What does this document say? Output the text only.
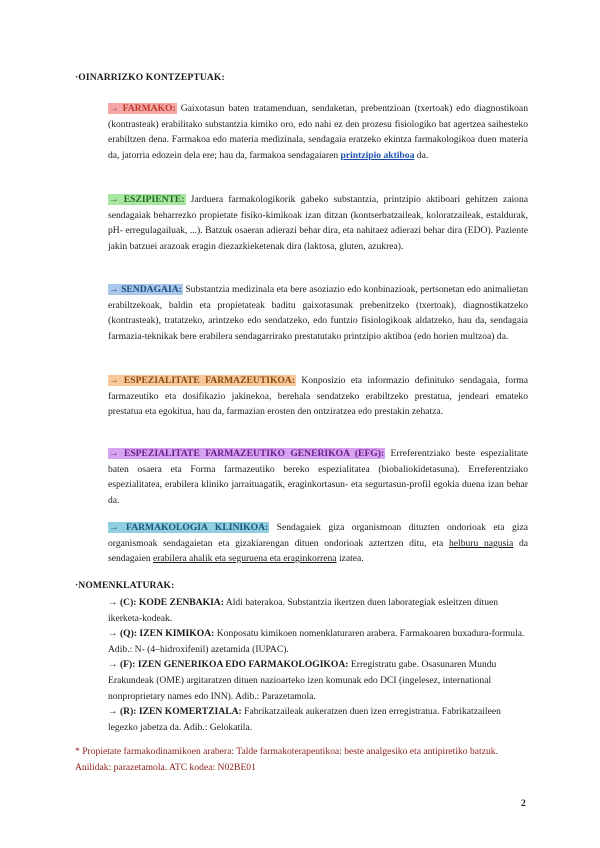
·OINARRIZKO KONTZEPTUAK:
→ FARMAKO: Gaixotasun baten tratamenduan, sendaketan, prebentzioan (txertoak) edo diagnostikoan (kontrasteak) erabilitako substantzia kimiko oro, edo nahi ez den prozesu fisiologiko bat agertzea saihesteko erabiltzen dena. Farmakoa edo materia medizinala, sendagaia eratzeko ekintza farmakologikoa duen materia da, jatorria edozein dela ere; hau da, farmakoa sendagaiaren printzipio aktiboa da.
→ ESZIPIENTE: Jarduera farmakologikorik gabeko substantzia, printzipio aktiboari gehitzen zaiona sendagaiak beharrezko propietate fisiko-kimikoak izan ditzan (kontserbatzaileak, koloratzaileak, estaldurak, pH- erregulagailuak, ...). Batzuk osaeran adierazi behar dira, eta nahitaez adierazi behar dira (EDO). Paziente jakin batzuei arazoak eragin diezazkieketenak dira (laktosa, gluten, azukrea).
→ SENDAGAIA: Substantzia medizinala eta bere asoziazio edo konbinazioak, pertsonetan edo animalietan erabiltzekoak, baldin eta propietateak baditu gaixotasunak prebenitzeko (txertoak), diagnostikatzeko (kontrasteak), tratatzeko, arintzeko edo sendatzeko, edo funtzio fisiologikoak aldatzeko, hau da, sendagaia farmazia-teknikak bere erabilera sendagarrirako prestatutako printzipio aktiboa (edo horien multzoa) da.
→ ESPEZIALITATE FARMAZEUTIKOA: Konposizio eta informazio definituko sendagaia, forma farmazeutiko eta dosifikazio jakinekoa, berehala sendatzeko erabiltzeko prestatua, jendeari emateko prestatua eta egokitua, hau da, farmazian erosten den ontziratzea edo prestakin zehatza.
→ ESPEZIALITATE FARMAZEUTIKO GENERIKOA (EFG): Erreferentziako beste espezialitate baten osaera eta Forma farmazeutiko bereko espezialitatea (biobaliokidetasuna). Erreferentziako espezialitatea, erabilera kliniko jarraituagatik, eraginkortasun- eta segurtasun-profil egokia duena izan behar da.
→ FARMAKOLOGIA KLINIKOA: Sendagaiek giza organismoan dituzten ondorioak eta giza organismoak sendagaietan eta gizakiarengan dituen ondorioak aztertzen ditu, eta helburu nagusia da sendagaien erabilera ahalik eta seguruena eta eraginkorrena izatea.
·NOMENKLATURAK:
→ (C): KODE ZENBAKIA: Aldi baterakoa. Substantzia ikertzen duen laborategiak esleitzen dituen ikerketa-kodeak.
→ (Q): IZEN KIMIKOA: Konposatu kimikoen nomenklaturaren arabera. Farmakoaren buxadura-formula. Adib.: N- (4–hidroxifenil) azetamida (IUPAC).
→ (F): IZEN GENERIKOA EDO FARMAKOLOGIKOA: Erregistratu gabe. Osasunaren Mundu Erakundeak (OME) argitaratzen dituen nazioarteko izen komunak edo DCI (ingelesez, international nonproprietary names edo INN). Adib.: Parazetamola.
→ (R): IZEN KOMERTZIALA: Fabrikatzaileak aukeratzen duen izen erregistratua. Fabrikatzaileen legezko jabetza da. Adib.: Gelokatila.
* Propietate farmakodinamikoen arabera: Talde farmakoterapeutikoa: beste analgesiko eta antipiretiko batzuk. Anilidak: parazetamola. ATC kodea: N02BE01
2
